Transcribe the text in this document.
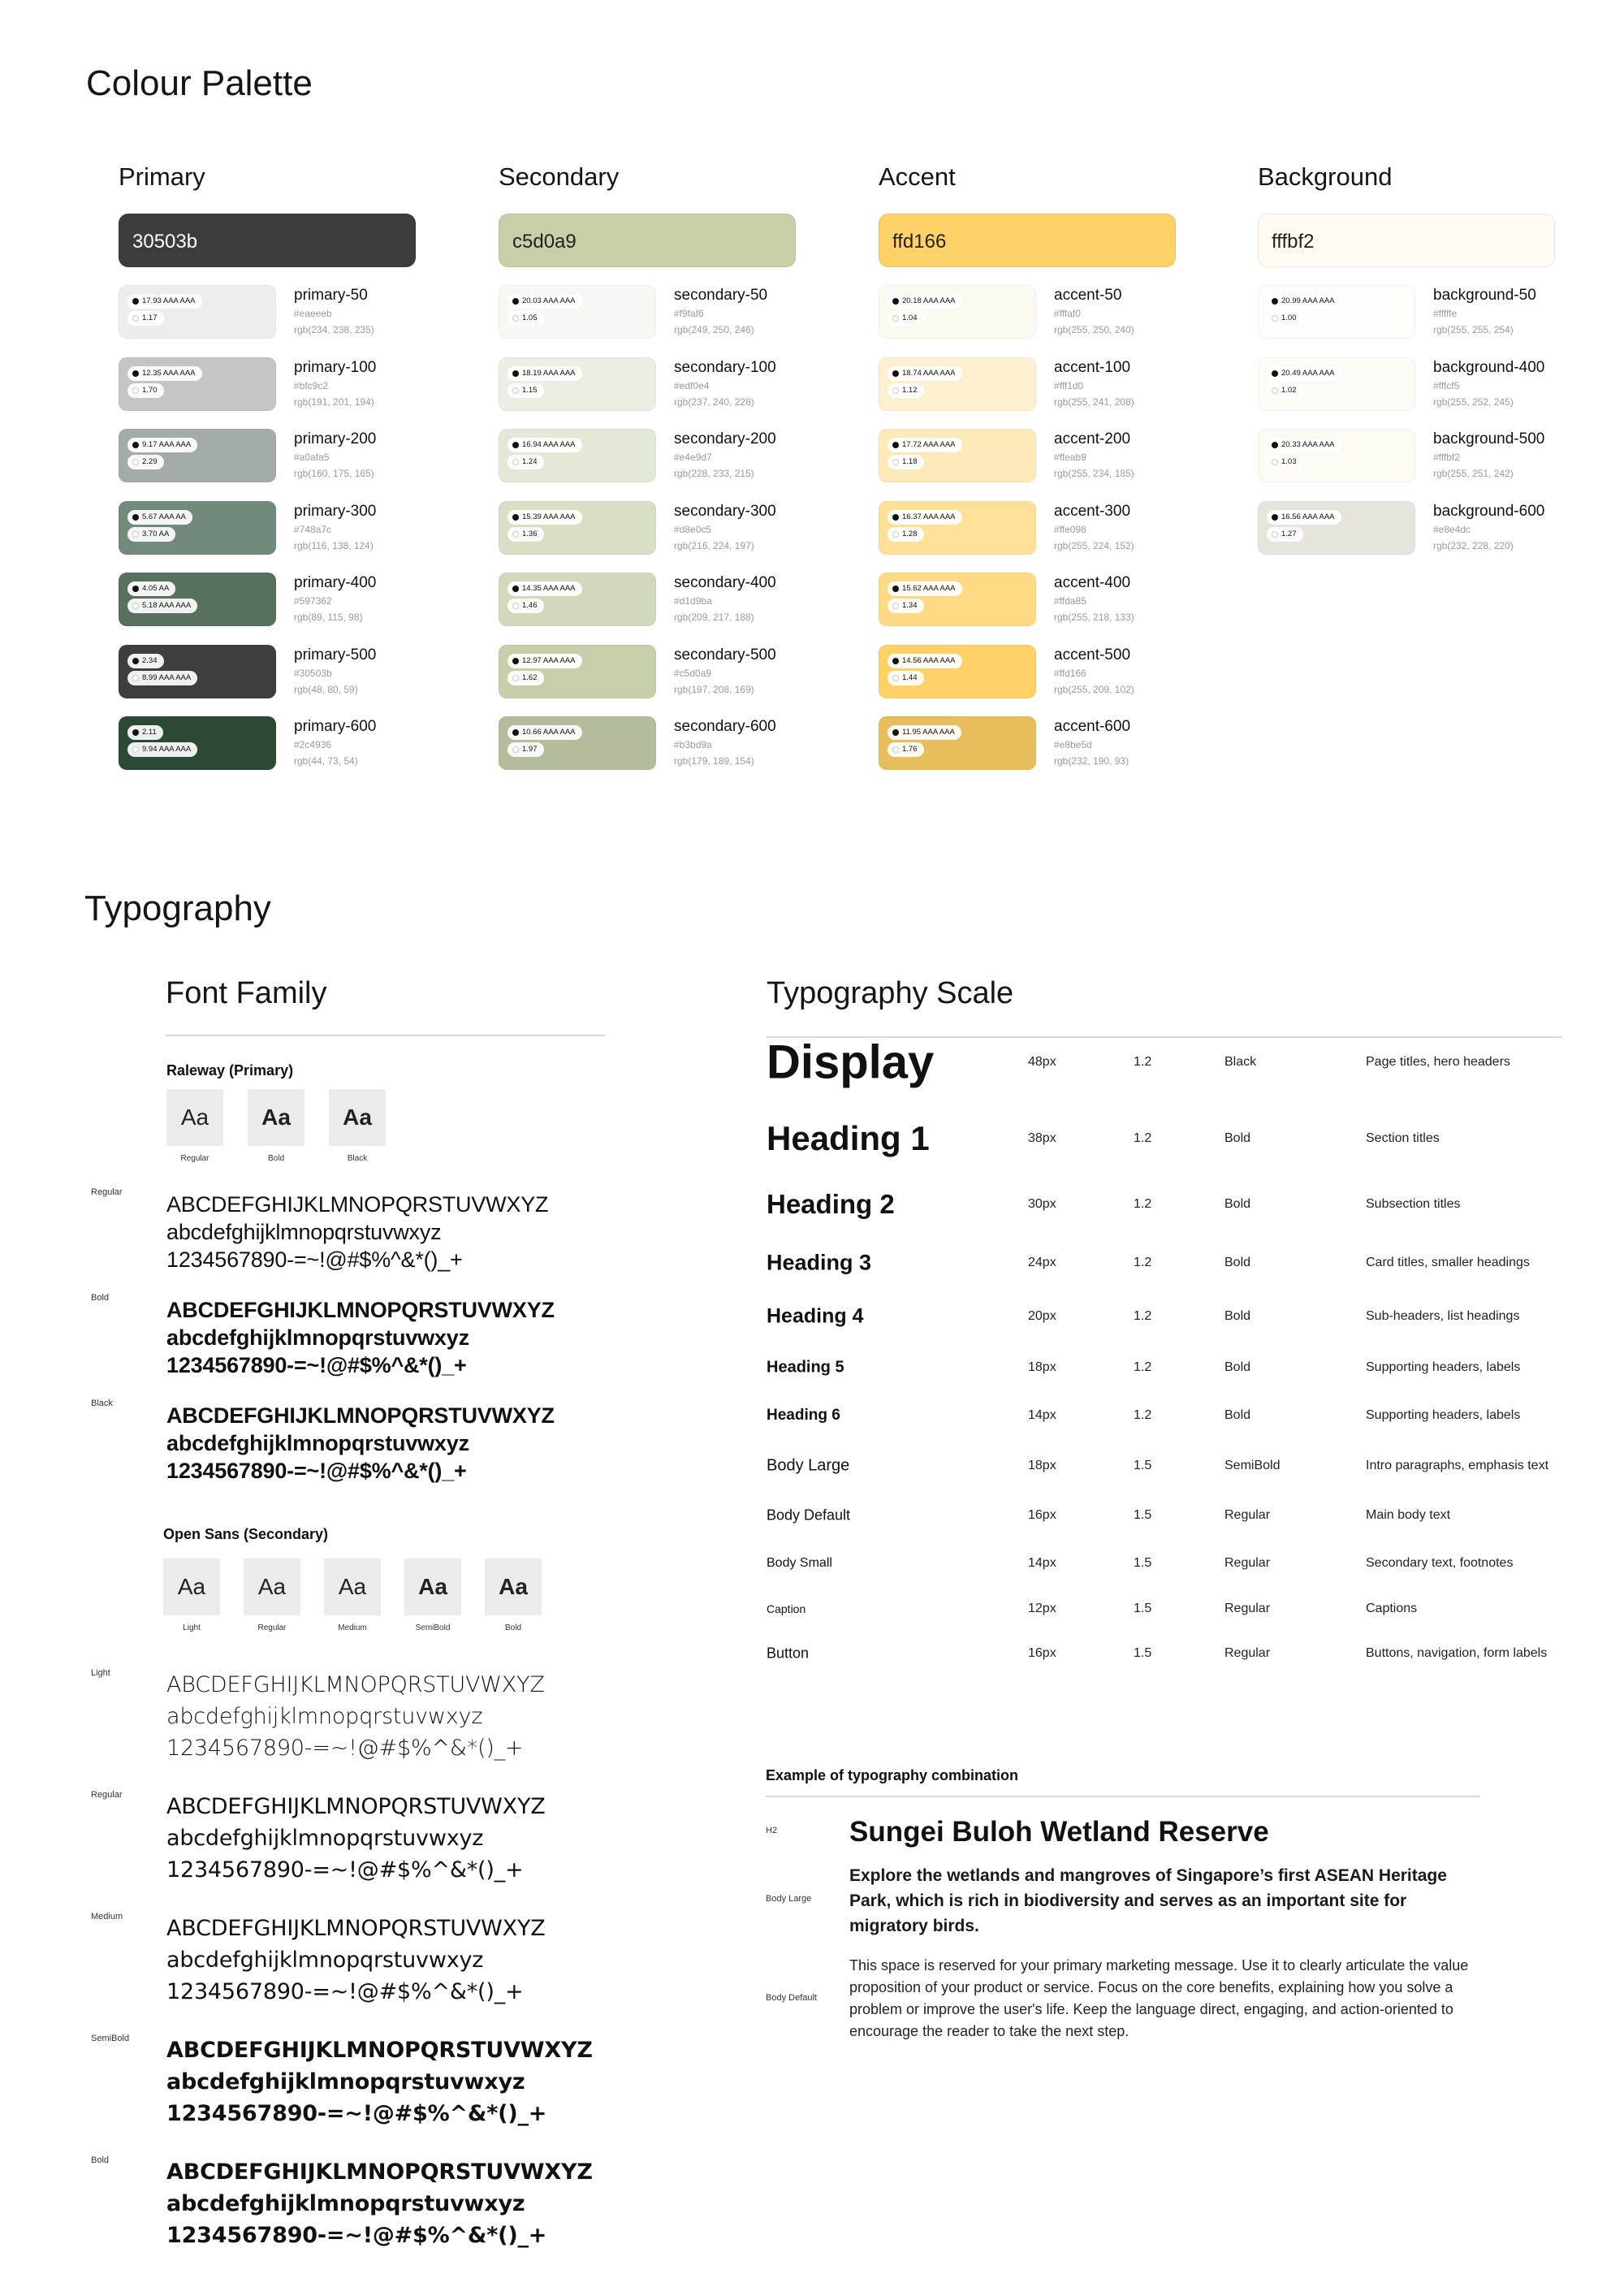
Colour Palette
Typography
Primary
30503b
17.93 AAA AAA
1.17
primary-50
#eaeeeb
rgb(234, 238, 235)
12.35 AAA AAA
1.70
primary-100
#bfc9c2
rgb(191, 201, 194)
9.17 AAA AAA
2.29
primary-200
#a0afa5
rgb(160, 175, 165)
5.67 AAA AA
3.70 AA
primary-300
#748a7c
rgb(116, 138, 124)
4.05 AA
5.18 AAA AAA
primary-400
#597362
rgb(89, 115, 98)
2.34
8.99 AAA AAA
primary-500
#30503b
rgb(48, 80, 59)
2.11
9.94 AAA AAA
primary-600
#2c4936
rgb(44, 73, 54)
Secondary
c5d0a9
20.03 AAA AAA
1.05
secondary-50
#f9faf6
rgb(249, 250, 246)
18.19 AAA AAA
1.15
secondary-100
#edf0e4
rgb(237, 240, 228)
16.94 AAA AAA
1.24
secondary-200
#e4e9d7
rgb(228, 233, 215)
15.39 AAA AAA
1.36
secondary-300
#d8e0c5
rgb(216, 224, 197)
14.35 AAA AAA
1.46
secondary-400
#d1d9ba
rgb(209, 217, 188)
12.97 AAA AAA
1.62
secondary-500
#c5d0a9
rgb(197, 208, 169)
10.66 AAA AAA
1.97
secondary-600
#b3bd9a
rgb(179, 189, 154)
Accent
ffd166
20.18 AAA AAA
1.04
accent-50
#fffaf0
rgb(255, 250, 240)
18.74 AAA AAA
1.12
accent-100
#fff1d0
rgb(255, 241, 208)
17.72 AAA AAA
1.18
accent-200
#ffeab9
rgb(255, 234, 185)
16.37 AAA AAA
1.28
accent-300
#ffe098
rgb(255, 224, 152)
15.62 AAA AAA
1.34
accent-400
#ffda85
rgb(255, 218, 133)
14.56 AAA AAA
1.44
accent-500
#ffd166
rgb(255, 209, 102)
11.95 AAA AAA
1.76
accent-600
#e8be5d
rgb(232, 190, 93)
Background
fffbf2
20.99 AAA AAA
1.00
background-50
#fffffe
rgb(255, 255, 254)
20.49 AAA AAA
1.02
background-400
#fffcf5
rgb(255, 252, 245)
20.33 AAA AAA
1.03
background-500
#fffbf2
rgb(255, 251, 242)
16.56 AAA AAA
1.27
background-600
#e8e4dc
rgb(232, 228, 220)
Font Family
Raleway (Primary)
Aa
Regular
Aa
Bold
Aa
Black
Regular ABCDEFGHIJKLMNOPQRSTUVWXYZ
abcdefghijklmnopqrstuvwxyz
1234567890-=~!@#$%^&*()_+
Bold	ABCDEFGHIJKLMNOPQRSTUVWXYZ
abcdefghijklmnopqrstuvwxyz
1234567890-=~!@#$%^&*()_+
Black ABCDEFGHIJKLMNOPQRSTUVWXYZ
abcdefghijklmnopqrstuvwxyz
1234567890-=~!@#$%^&*()_+
Open Sans (Secondary)
Aa
Light
Aa
Regular
Aa
Medium
Aa
SemiBold
Aa
Bold
Light	ABCDEFGHIJKLMNOPQRSTUVWXYZ
abcdefghijklmnopqrstuvwxyz
1234567890-=~!@#$%^&*()_+
Regular ABCDEFGHIJKLMNOPQRSTUVWXYZ
abcdefghijklmnopqrstuvwxyz
1234567890-=~!@#$%^&*()_+
Medium ABCDEFGHIJKLMNOPQRSTUVWXYZ
abcdefghijklmnopqrstuvwxyz
1234567890-=~!@#$%^&*()_+
SemiBold ABCDEFGHIJKLMNOPQRSTUVWXYZ
abcdefghijklmnopqrstuvwxyz
1234567890-=~!@#$%^&*()_+
Bold	ABCDEFGHIJKLMNOPQRSTUVWXYZ
abcdefghijklmnopqrstuvwxyz
1234567890-=~!@#$%^&*()_+
Typography Scale
Display	48px	1.2	Black	Page titles, hero headers
Heading 1	38px	1.2	Bold	Section titles
Heading 2	30px	1.2	Bold	Subsection titles
Heading 3	24px	1.2	Bold	Card titles, smaller headings
Heading 4	20px	1.2	Bold	Sub-headers, list headings
Heading 5	18px	1.2	Bold	Supporting headers, labels
Heading 6	14px	1.2	Bold	Supporting headers, labels
Body Large	18px	1.5	SemiBold	Intro paragraphs, emphasis text
Body Default	16px	1.5	Regular	Main body text
Body Small	14px	1.5	Regular	Secondary text, footnotes
Caption	12px	1.5	Regular	Captions
Button	16px	1.5	Regular	Buttons, navigation, form labels
Example of typography combination
H2	Sungei Buloh Wetland Reserve
Body Large
Explore the wetlands and mangroves of Singapore’s first ASEAN Heritage Park, which is rich in biodiversity and serves as an important site for migratory birds.
Body Default
This space is reserved for your primary marketing message. Use it to clearly articulate the value proposition of your product or service. Focus on the core benefits, explaining how you solve a problem or improve the user's life. Keep the language direct, engaging, and action-oriented to encourage the reader to take the next step.
